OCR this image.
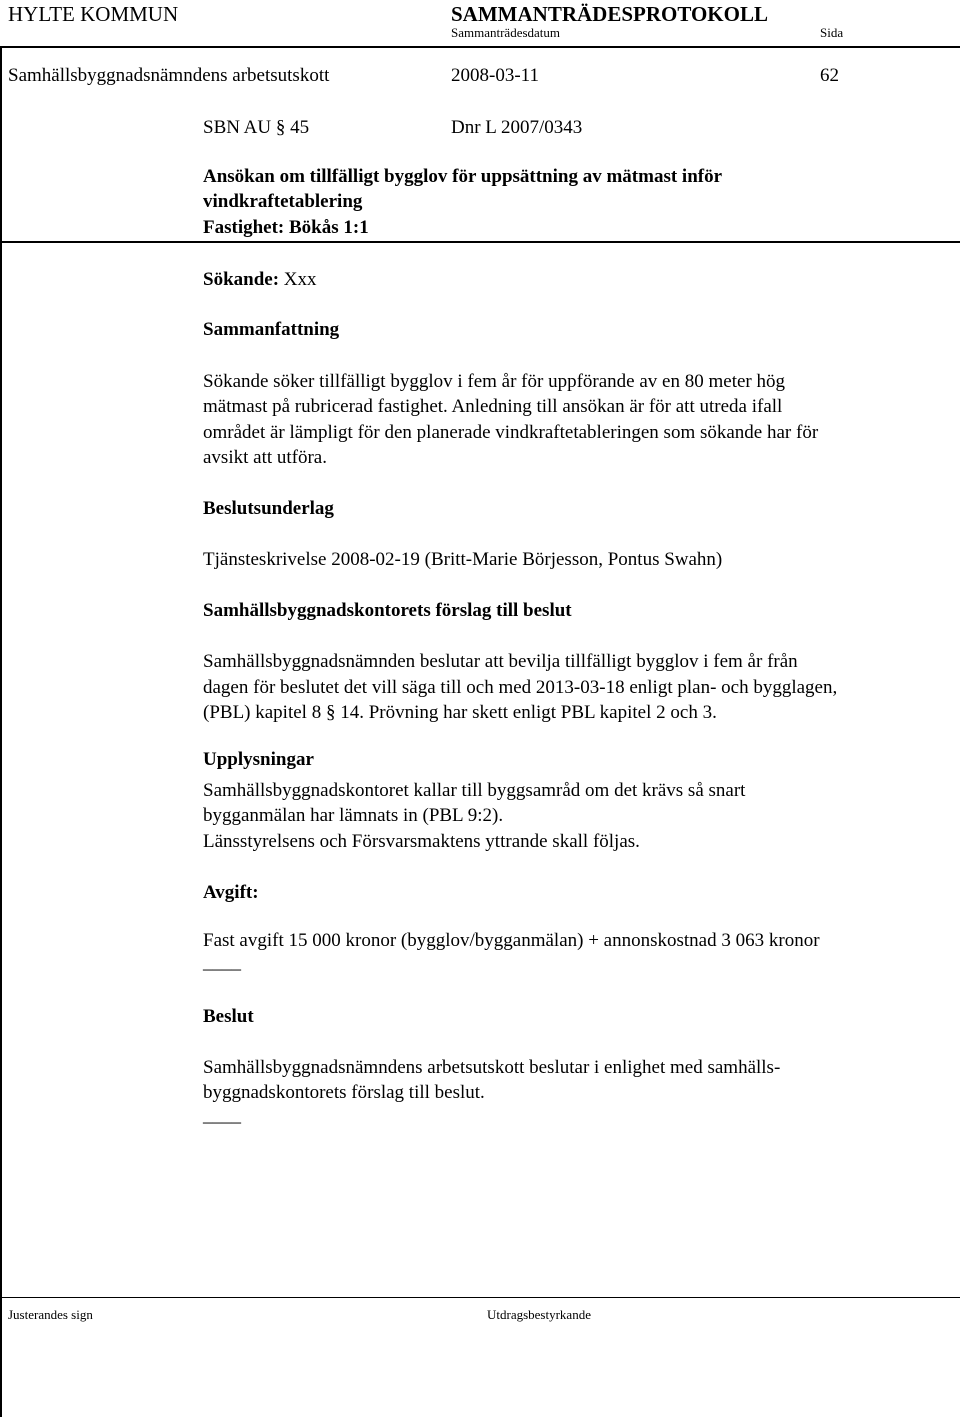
HYLTE KOMMUN	SAMMANTRÄDESPROTOKOLL
Sammanträdesdatum	Sida
Samhällsbyggnadsnämndens arbetsutskott	2008-03-11	62
SBN AU § 45	Dnr L 2007/0343
Ansökan om tillfälligt bygglov för uppsättning av mätmast inför
vindkraftetablering
Fastighet: Bökås 1:1
Sökande: Xxx
Sammanfattning
Sökande söker tillfälligt bygglov i fem år för uppförande av en 80 meter hög
mätmast på rubricerad fastighet. Anledning till ansökan är för att utreda ifall
området är lämpligt för den planerade vindkraftetableringen som sökande har för
avsikt att utföra.
Beslutsunderlag
Tjänsteskrivelse 2008-02-19 (Britt-Marie Börjesson, Pontus Swahn)
Samhällsbyggnadskontorets förslag till beslut
Samhällsbyggnadsnämnden beslutar att bevilja tillfälligt bygglov i fem år från
dagen för beslutet det vill säga till och med 2013-03-18 enligt plan- och bygglagen,
(PBL) kapitel 8 § 14. Prövning har skett enligt PBL kapitel 2 och 3.
Upplysningar
Samhällsbyggnadskontoret kallar till byggsamråd om det krävs så snart
bygganmälan har lämnats in (PBL 9:2).
Länsstyrelsens och Försvarsmaktens yttrande skall följas.
Avgift:
Fast avgift 15 000 kronor (bygglov/bygganmälan) + annonskostnad 3 063 kronor
____
Beslut
Samhällsbyggnadsnämndens arbetsutskott beslutar i enlighet med samhälls-
byggnadskontorets förslag till beslut.
____
Justerandes sign	Utdragsbestyrkande
